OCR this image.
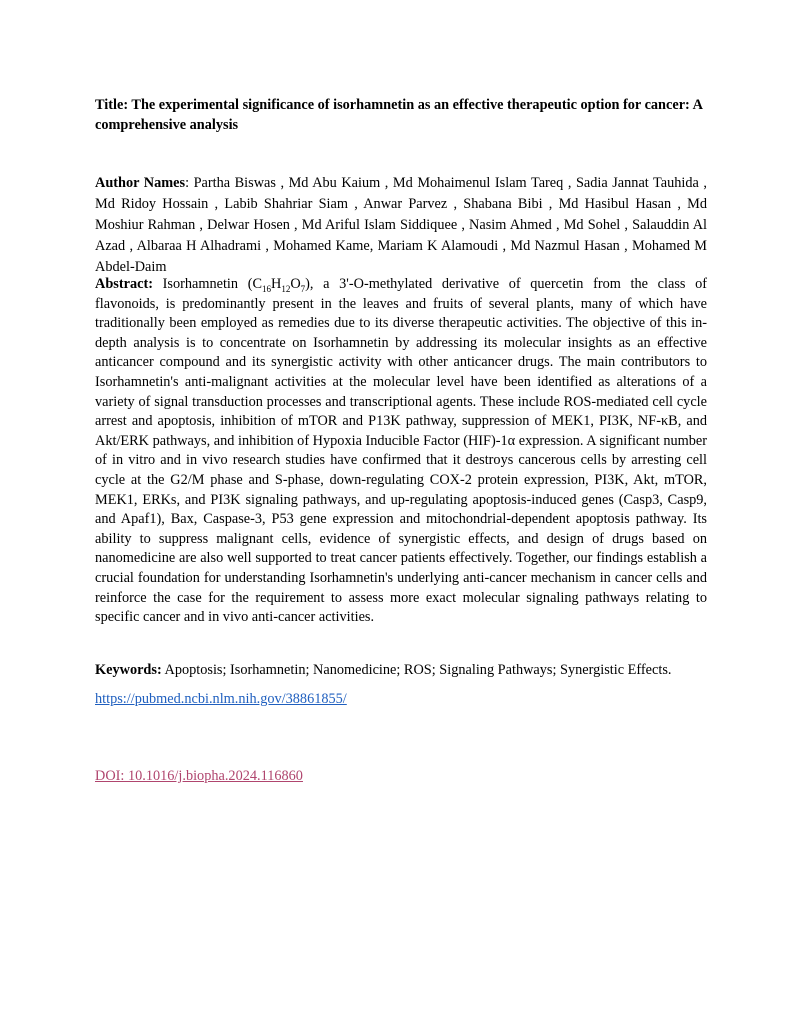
Title: The experimental significance of isorhamnetin as an effective therapeutic option for cancer: A comprehensive analysis

Author Names: Partha Biswas , Md Abu Kaium , Md Mohaimenul Islam Tareq , Sadia Jannat Tauhida , Md Ridoy Hossain , Labib Shahriar Siam , Anwar Parvez , Shabana Bibi , Md Hasibul Hasan , Md Moshiur Rahman , Delwar Hosen , Md Ariful Islam Siddiquee , Nasim Ahmed , Md Sohel , Salauddin Al Azad , Albaraa H Alhadrami , Mohamed Kame, Mariam K Alamoudi , Md Nazmul Hasan , Mohamed M Abdel-Daim

Abstract: Isorhamnetin $(C_{16}H_{12}O_7)$, a 3'-O-methylated derivative of quercetin from the class of flavonoids, is predominantly present in the leaves and fruits of several plants, many of which have traditionally been employed as remedies due to its diverse therapeutic activities. The objective of this in-depth analysis is to concentrate on Isorhamnetin by addressing its molecular insights as an effective anticancer compound and its synergistic activity with other anticancer drugs. The main contributors to Isorhamnetin's anti-malignant activities at the molecular level have been identified as alterations of a variety of signal transduction processes and transcriptional agents. These include ROS-mediated cell cycle arrest and apoptosis, inhibition of mTOR and P13K pathway, suppression of MEK1, PI3K, NF-κB, and Akt/ERK pathways, and inhibition of Hypoxia Inducible Factor (HIF)-1α expression. A significant number of in vitro and in vivo research studies have confirmed that it destroys cancerous cells by arresting cell cycle at the G2/M phase and S-phase, down-regulating COX-2 protein expression, PI3K, Akt, mTOR, MEK1, ERKs, and PI3K signaling pathways, and up-regulating apoptosis-induced genes (Casp3, Casp9, and Apaf1), Bax, Caspase-3, P53 gene expression and mitochondrial-dependent apoptosis pathway. Its ability to suppress malignant cells, evidence of synergistic effects, and design of drugs based on nanomedicine are also well supported to treat cancer patients effectively. Together, our findings establish a crucial foundation for understanding Isorhamnetin's underlying anti-cancer mechanism in cancer cells and reinforce the case for the requirement to assess more exact molecular signaling pathways relating to specific cancer and in vivo anti-cancer activities.

Keywords: Apoptosis; Isorhamnetin; Nanomedicine; ROS; Signaling Pathways; Synergistic Effects.

https://pubmed.ncbi.nlm.nih.gov/38861855/

DOI: 10.1016/j.biopha.2024.116860
